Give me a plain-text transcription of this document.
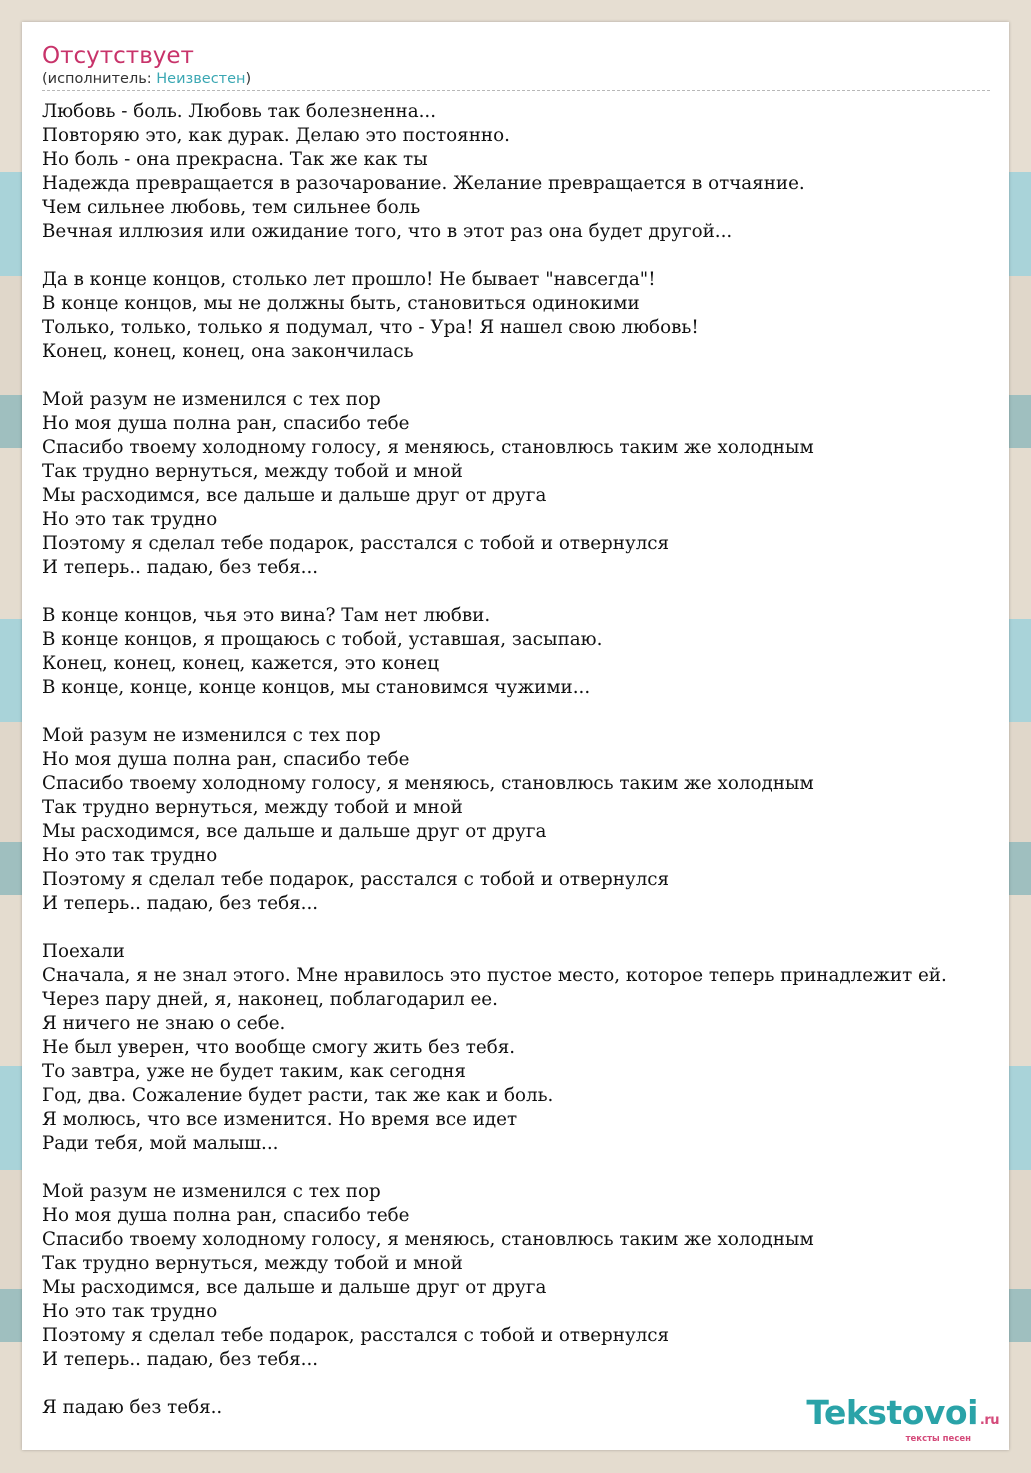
Отсутствует
(исполнитель: Неизвестен)
Любовь - боль. Любовь так болезненна...
Повторяю это, как дурак. Делаю это постоянно.
Но боль - она прекрасна. Так же как ты
Надежда превращается в разочарование. Желание превращается в отчаяние.
Чем сильнее любовь, тем сильнее боль
Вечная иллюзия или ожидание того, что в этот раз она будет другой...
Да в конце концов, столько лет прошло! Не бывает "навсегда"!
В конце концов, мы не должны быть, становиться одинокими
Только, только, только я подумал, что - Ура! Я нашел свою любовь!
Конец, конец, конец, она закончилась
Мой разум не изменился с тех пор
Но моя душа полна ран, спасибо тебе
Спасибо твоему холодному голосу, я меняюсь, становлюсь таким же холодным
Так трудно вернуться, между тобой и мной
Мы расходимся, все дальше и дальше друг от друга
Но это так трудно
Поэтому я сделал тебе подарок, расстался с тобой и отвернулся
И теперь.. падаю, без тебя...
В конце концов, чья это вина? Там нет любви.
В конце концов, я прощаюсь с тобой, уставшая, засыпаю.
Конец, конец, конец, кажется, это конец
В конце, конце, конце концов, мы становимся чужими...
Мой разум не изменился с тех пор
Но моя душа полна ран, спасибо тебе
Спасибо твоему холодному голосу, я меняюсь, становлюсь таким же холодным
Так трудно вернуться, между тобой и мной
Мы расходимся, все дальше и дальше друг от друга
Но это так трудно
Поэтому я сделал тебе подарок, расстался с тобой и отвернулся
И теперь.. падаю, без тебя...
Поехали
Сначала, я не знал этого. Мне нравилось это пустое место, которое теперь принадлежит ей.
Через пару дней, я, наконец, поблагодарил ее.
Я ничего не знаю о себе.
Не был уверен, что вообще смогу жить без тебя.
То завтра, уже не будет таким, как сегодня
Год, два. Сожаление будет расти, так же как и боль.
Я молюсь, что все изменится. Но время все идет
Ради тебя, мой малыш...
Мой разум не изменился с тех пор
Но моя душа полна ран, спасибо тебе
Спасибо твоему холодному голосу, я меняюсь, становлюсь таким же холодным
Так трудно вернуться, между тобой и мной
Мы расходимся, все дальше и дальше друг от друга
Но это так трудно
Поэтому я сделал тебе подарок, расстался с тобой и отвернулся
И теперь.. падаю, без тебя...
Я падаю без тебя..	Tekstovoi .ru
тексты песен
